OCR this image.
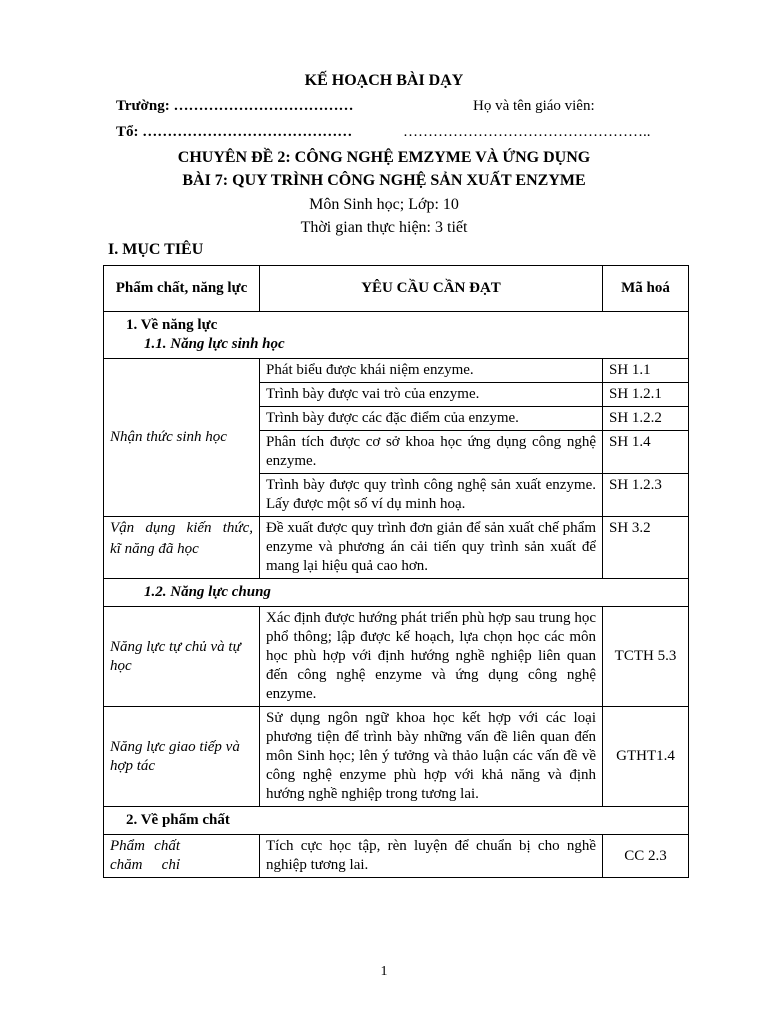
KẾ HOẠCH BÀI DẠY
Trường: ………………………………	Họ và tên giáo viên:
Tổ: ……………………………………	…………………………………………..
CHUYÊN ĐỀ 2: CÔNG NGHỆ EMZYME VÀ ỨNG DỤNG
BÀI 7: QUY TRÌNH CÔNG NGHỆ SẢN XUẤT ENZYME
Môn Sinh học; Lớp: 10
Thời gian thực hiện: 3 tiết
I. MỤC TIÊU
Phẩm chất, năng lực	YÊU CẦU CẦN ĐẠT	Mã hoá

1. Về năng lực
1.1. Năng lực sinh học		

Nhận thức sinh học	Phát biểu được khái niệm enzyme.	SH 1.1
	Trình bày được vai trò của enzyme.	SH 1.2.1
	Trình bày được các đặc điểm của enzyme.	SH 1.2.2
	Phân tích được cơ sở khoa học ứng dụng công nghệ enzyme.	SH 1.4
	Trình bày được quy trình công nghệ sản xuất enzyme. Lấy được một số ví dụ minh hoạ.	SH 1.2.3

Vận dụng kiến thức,
kĩ năng đã học	Đề xuất được quy trình đơn giản để sản xuất chế phẩm enzyme và phương án cải tiến quy trình sản xuất để mang lại hiệu quả cao hơn.	SH 3.2
1.2. Năng lực chung		
Năng lực tự chủ và tự học	Xác định được hướng phát triển phù hợp sau trung học phổ thông; lập được kế hoạch, lựa chọn học các môn học phù hợp với định hướng nghề nghiệp liên quan đến công nghệ enzyme và ứng dụng công nghệ enzyme.	TCTH 5.3
Năng lực giao tiếp và hợp tác	Sử dụng ngôn ngữ khoa học kết hợp với các loại phương tiện để trình bày những vấn đề liên quan đến môn Sinh học; lên ý tưởng và thảo luận các vấn đề về công nghệ enzyme phù hợp với khả năng và định hướng nghề nghiệp trong tương lai.	GTHT1.4
2. Về phẩm chất		
Phẩm chất chăm chỉ	Tích cực học tập, rèn luyện để chuẩn bị cho nghề nghiệp tương lai.	CC 2.3
1
